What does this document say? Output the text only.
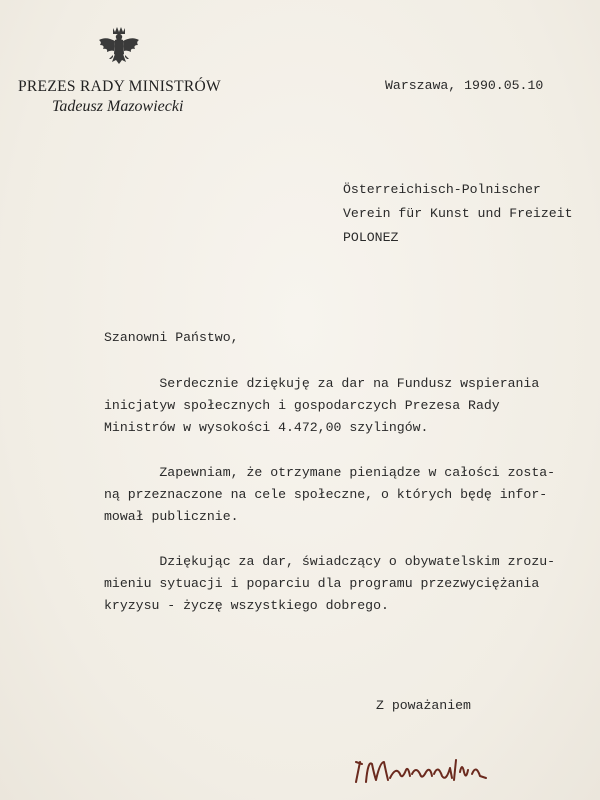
PREZES RADY MINISTRÓW
Tadeusz Mazowiecki
Warszawa, 1990.05.10
Österreichisch-Polnischer
Verein für Kunst und Freizeit
POLONEZ
Szanowni Państwo,
Serdecznie dziękuję za dar na Fundusz wspierania
inicjatyw społecznych i gospodarczych Prezesa Rady
Ministrów w wysokości 4.472,00 szylingów.
Zapewniam, że otrzymane pieniądze w całości zosta-
ną przeznaczone na cele społeczne, o których będę infor-
mował publicznie.
Dziękując za dar, świadczący o obywatelskim zrozu-
mieniu sytuacji i poparciu dla programu przezwyciężania
kryzysu - życzę wszystkiego dobrego.
Z poważaniem
